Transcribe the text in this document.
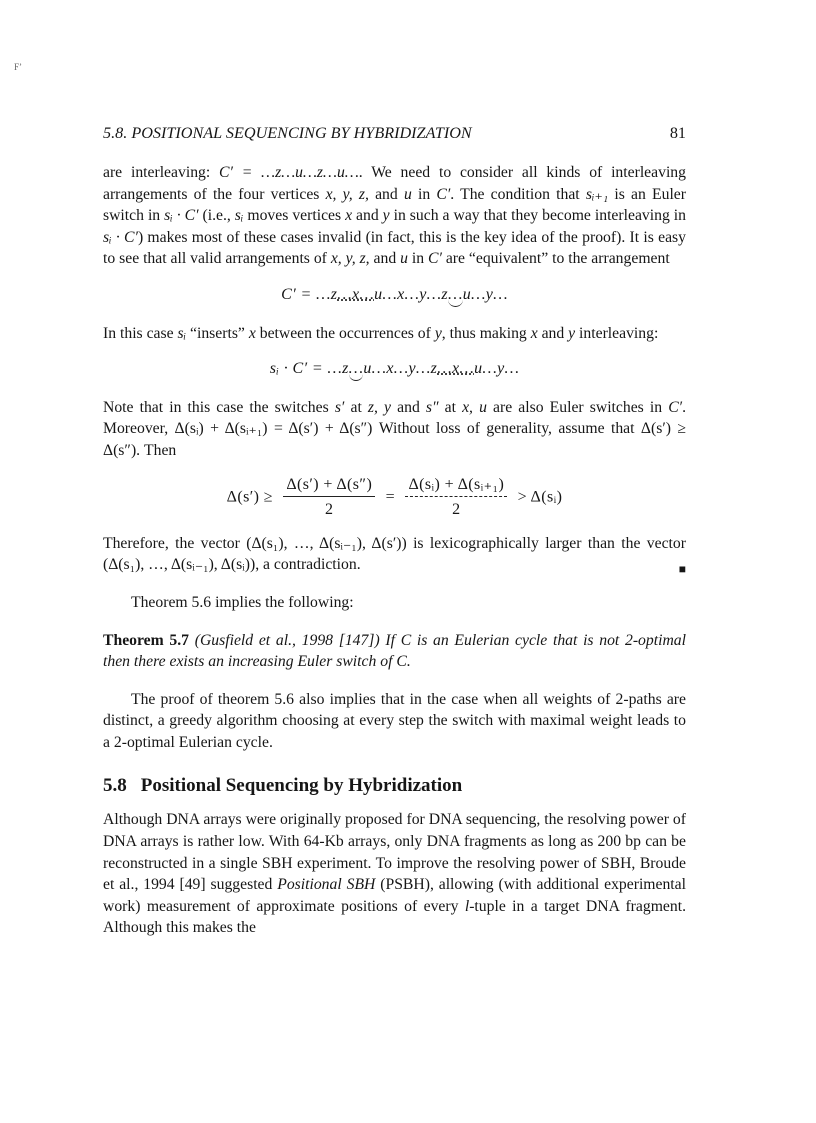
F’
5.8. POSITIONAL SEQUENCING BY HYBRIDIZATION	81

are interleaving: C′ = …z…u…z…u…. We need to consider all kinds of interleaving arrangements of the four vertices x, y, z, and u in C′. The condition that sᵢ₊₁ is an Euler switch in sᵢ · C′ (i.e., sᵢ moves vertices x and y in such a way that they become interleaving in sᵢ · C′) makes most of these cases invalid (in fact, this is the key idea of the proof). It is easy to see that all valid arrangements of x, y, z, and u in C′ are “equivalent” to the arrangement

C′ = …z…x…u…x…y…z…u…y…

In this case sᵢ “inserts” x between the occurrences of y, thus making x and y interleaving:

sᵢ · C′ = …z…u…x…y…z…x…u…y…

Note that in this case the switches s′ at z, y and s″ at x, u are also Euler switches in C′. Moreover, Δ(sᵢ) + Δ(sᵢ₊₁) = Δ(s′) + Δ(s″) Without loss of generality, assume that Δ(s′) ≥ Δ(s″). Then

$\Delta(s') \ge \frac{\Delta(s') + \Delta(s'')}{2} = \frac{\text{Δ(sᵢ) + Δ(sᵢ₊₁)}}{2}$ > Δ(sᵢ)

Therefore, the vector (Δ(s₁), …, Δ(sᵢ₋₁), Δ(s′)) is lexicographically larger than the vector (Δ(s₁), …, Δ(sᵢ₋₁), Δ(sᵢ)), a contradiction.	■

Theorem 5.6 implies the following:

Theorem 5.7 (Gusfield et al., 1998 [147]) If C is an Eulerian cycle that is not 2-optimal then there exists an increasing Euler switch of C.

The proof of theorem 5.6 also implies that in the case when all weights of 2-paths are distinct, a greedy algorithm choosing at every step the switch with maximal weight leads to a 2-optimal Eulerian cycle.

5.8 Positional Sequencing by Hybridization

Although DNA arrays were originally proposed for DNA sequencing, the resolving power of DNA arrays is rather low. With 64-Kb arrays, only DNA fragments as long as 200 bp can be reconstructed in a single SBH experiment. To improve the resolving power of SBH, Broude et al., 1994 [49] suggested Positional SBH (PSBH), allowing (with additional experimental work) measurement of approximate positions of every l-tuple in a target DNA fragment. Although this makes the
